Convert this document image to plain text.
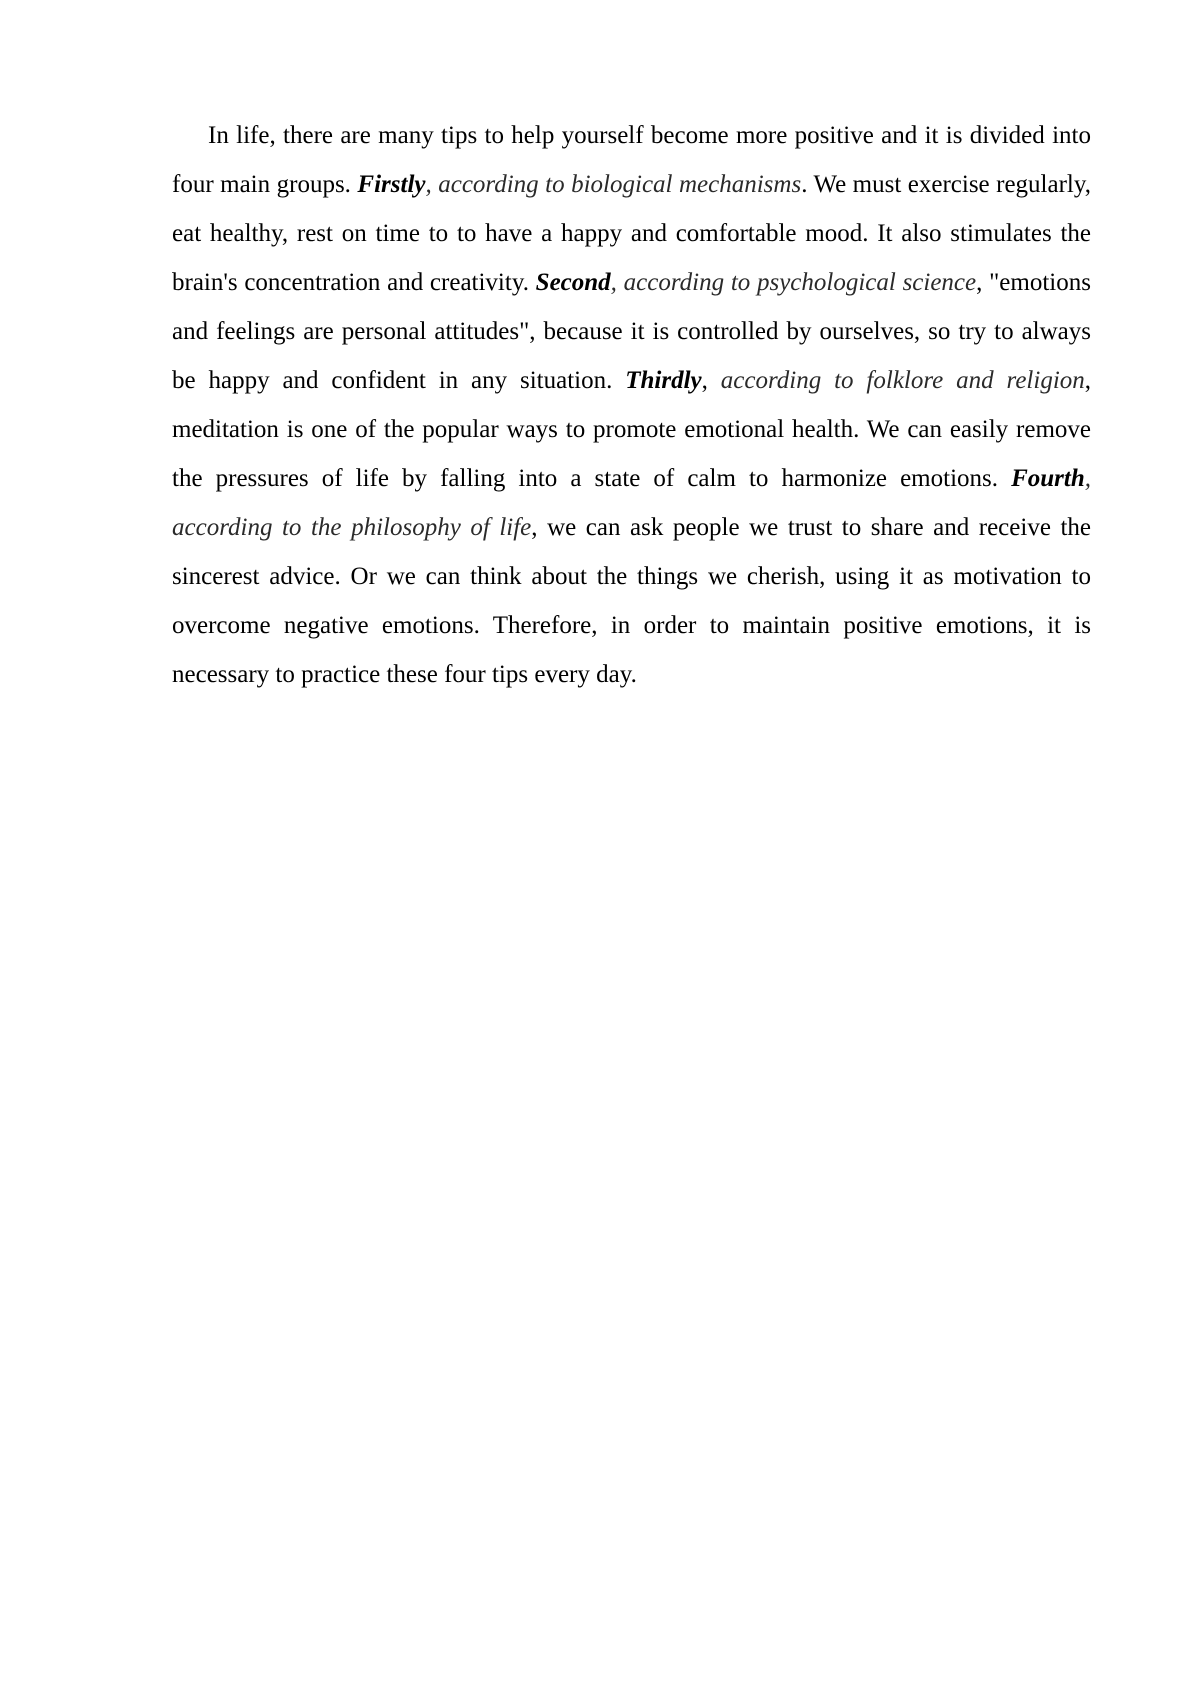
In life, there are many tips to help yourself become more positive and it is divided into four main groups. Firstly, according to biological mechanisms. We must exercise regularly, eat healthy, rest on time to to have a happy and comfortable mood. It also stimulates the brain's concentration and creativity. Second, according to psychological science, "emotions and feelings are personal attitudes", because it is controlled by ourselves, so try to always be happy and confident in any situation. Thirdly, according to folklore and religion, meditation is one of the popular ways to promote emotional health. We can easily remove the pressures of life by falling into a state of calm to harmonize emotions. Fourth, according to the philosophy of life, we can ask people we trust to share and receive the sincerest advice. Or we can think about the things we cherish, using it as motivation to overcome negative emotions. Therefore, in order to maintain positive emotions, it is necessary to practice these four tips every day.
